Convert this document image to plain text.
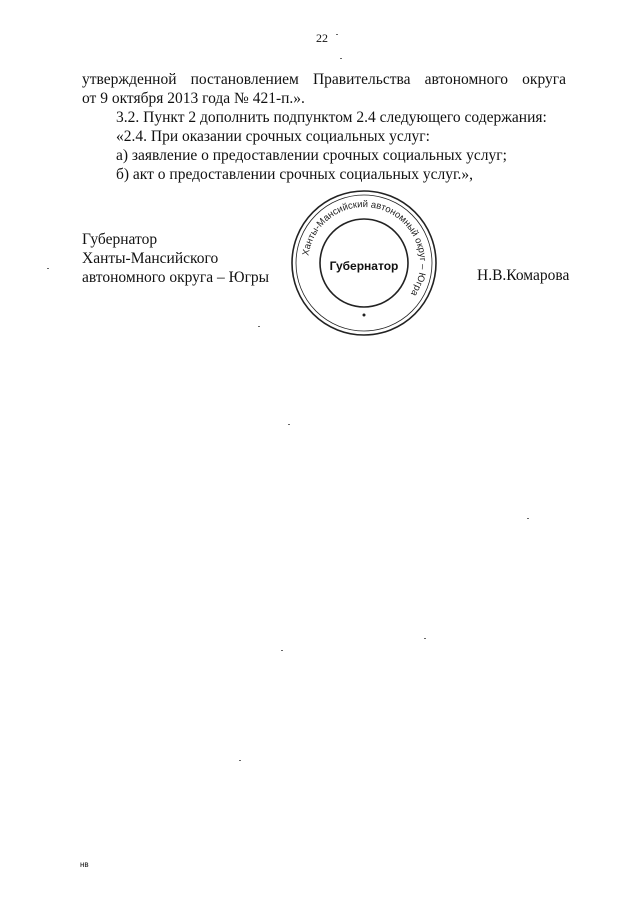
22
утвержденной постановлением Правительства автономного округа
от 9 октября 2013 года № 421-п.».
3.2. Пункт 2 дополнить подпунктом 2.4 следующего содержания:
«2.4. При оказании срочных социальных услуг:
а) заявление о предоставлении срочных социальных услуг;
б) акт о предоставлении срочных социальных услуг.»,
Губернатор
Ханты-Мансийского
автономного округа – Югры	Н.В.Комарова
Ханты-Мансийский автономный округ – Югра
Губернатор
нв
